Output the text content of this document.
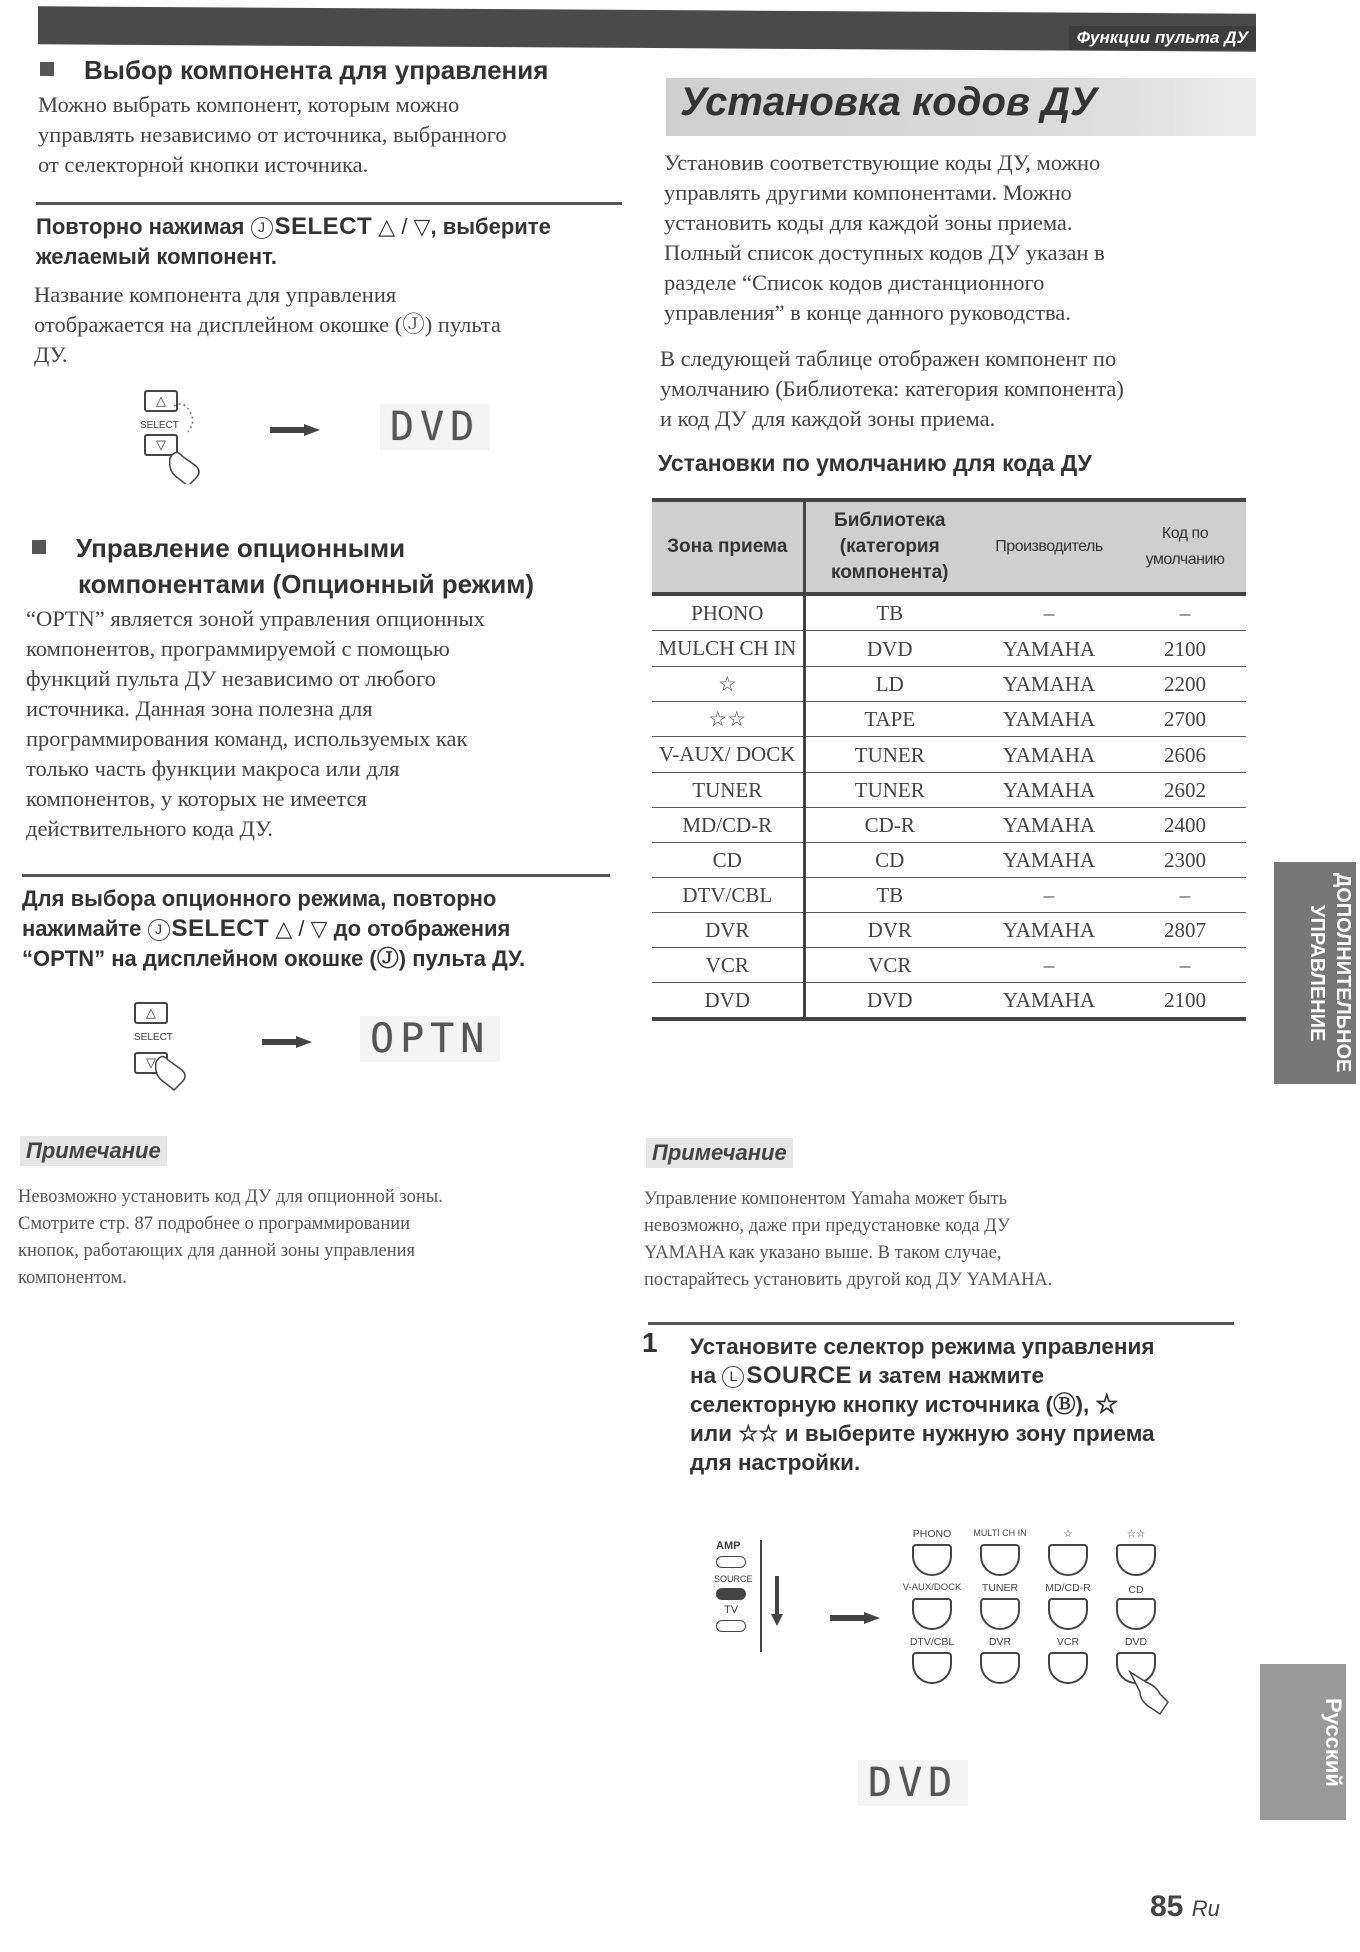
Функции пульта ДУ
Выбор компонента для управления
Можно выбрать компонент, которым можно
управлять независимо от источника, выбранного
от селекторной кнопки источника.
Повторно нажимая J SELECT △ / ▽, выберите
желаемый компонент.
Название компонента для управления
отображается на дисплейном окошке (Ⓙ) пульта
ДУ.
△
SELECT
▽	DVD
Управление опционными
компонентами (Опционный режим)
“OPTN” является зоной управления опционных
компонентов, программируемой с помощью
функций пульта ДУ независимо от любого
источника. Данная зона полезна для
программирования команд, используемых как
только часть функции макроса или для
компонентов, у которых не имеется
действительного кода ДУ.
Для выбора опционного режима, повторно
нажимайте J SELECT △ / ▽ до отображения
“OPTN” на дисплейном окошке (Ⓙ) пульта ДУ.
△
SELECT
▽
OPTN
Примечание
Невозможно установить код ДУ для опционной зоны.
Смотрите стр. 87 подробнее о программировании
кнопок, работающих для данной зоны управления
компонентом.
Установка кодов ДУ
Установив соответствующие коды ДУ, можно
управлять другими компонентами. Можно
установить коды для каждой зоны приема.
Полный список доступных кодов ДУ указан в
разделе “Список кодов дистанционного
управления” в конце данного руководства.
В следующей таблице отображен компонент по
умолчанию (Библиотека: категория компонента)
и код ДУ для каждой зоны приема.
Установки по умолчанию для кода ДУ
Зона приема	Библиотека (категория компонента)	Производитель	Код по умолчанию
PHONO	TB	–	–
MULCH CH IN	DVD	YAMAHA	2100
☆	LD	YAMAHA	2200
☆☆	TAPE	YAMAHA	2700
V-AUX/ DOCK	TUNER	YAMAHA	2606
TUNER	TUNER	YAMAHA	2602
MD/CD-R	CD-R	YAMAHA	2400
CD	CD	YAMAHA	2300
DTV/CBL	TB	–	–
DVR	DVR	YAMAHA	2807
VCR	VCR	–	–
DVD	DVD	YAMAHA	2100
Примечание
Управление компонентом Yamaha может быть
невозможно, даже при предустановке кода ДУ
YAMAHA как указано выше. В таком случае,
постарайтесь установить другой код ДУ YAMAHA.
1 Установите селектор режима управления
на L SOURCE и затем нажмите
селекторную кнопку источника (Ⓑ), ☆
или ☆☆ и выберите нужную зону приема
для настройки.
AMP
SOURCE
TV
PHONO	MULTI CH IN	☆	☆☆
V-AUX/DOCK	TUNER	MD/CD-R	CD
DTV/CBL	DVR	VCR	DVD
DVD
ДОПОЛНИТЕЛЬНОЕ УПРАВЛЕНИЕ
Русский
85 Ru
